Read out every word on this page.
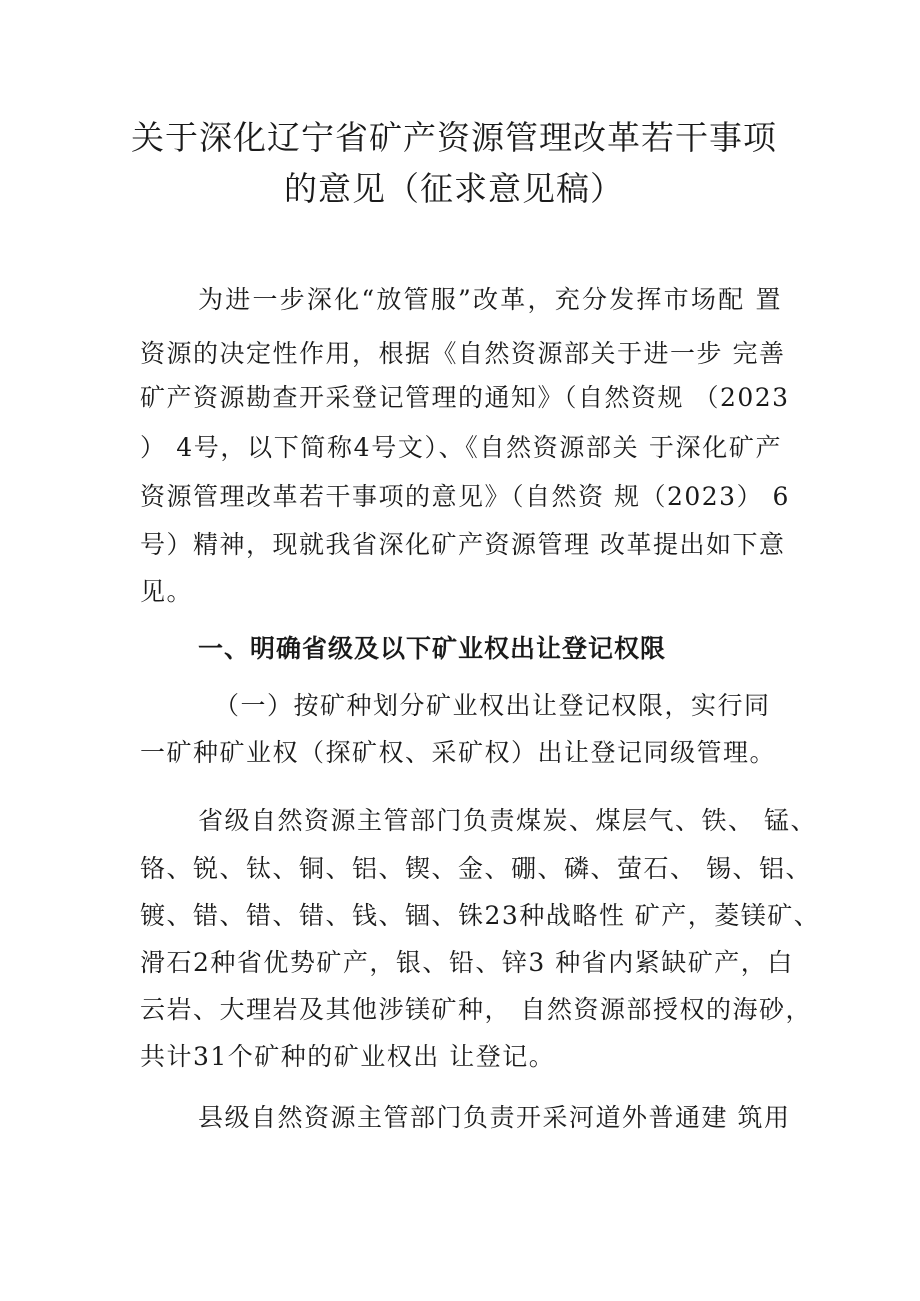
关于深化辽宁省矿产资源管理改革若干事项
的意见（征求意见稿）

为进一步深化“放管服”改革，充分发挥市场配 置

资源的决定性作用，根据《自然资源部关于进一步 完善

矿产资源勘查开采登记管理的通知》（自然资规 （2023

） 4号，以下简称4号文）、《自然资源部关 于深化矿产

资源管理改革若干事项的意见》（自然资 规（2023） 6

号）精神，现就我省深化矿产资源管理 改革提出如下意

见。

一、明确省级及以下矿业权出让登记权限

（一）按矿种划分矿业权出让登记权限，实行同

一矿种矿业权（探矿权、采矿权）出让登记同级管理。

省级自然资源主管部门负责煤炭、煤层气、铁、 锰、

铬、锐、钛、铜、铝、锲、金、硼、磷、萤石、 锡、铝、

镀、错、错、错、钱、锢、铢23种战略性 矿产，菱镁矿、

滑石2种省优势矿产，银、铅、锌3 种省内紧缺矿产，白

云岩、大理岩及其他涉镁矿种， 自然资源部授权的海砂，

共计31个矿种的矿业权出 让登记。

县级自然资源主管部门负责开采河道外普通建 筑用
